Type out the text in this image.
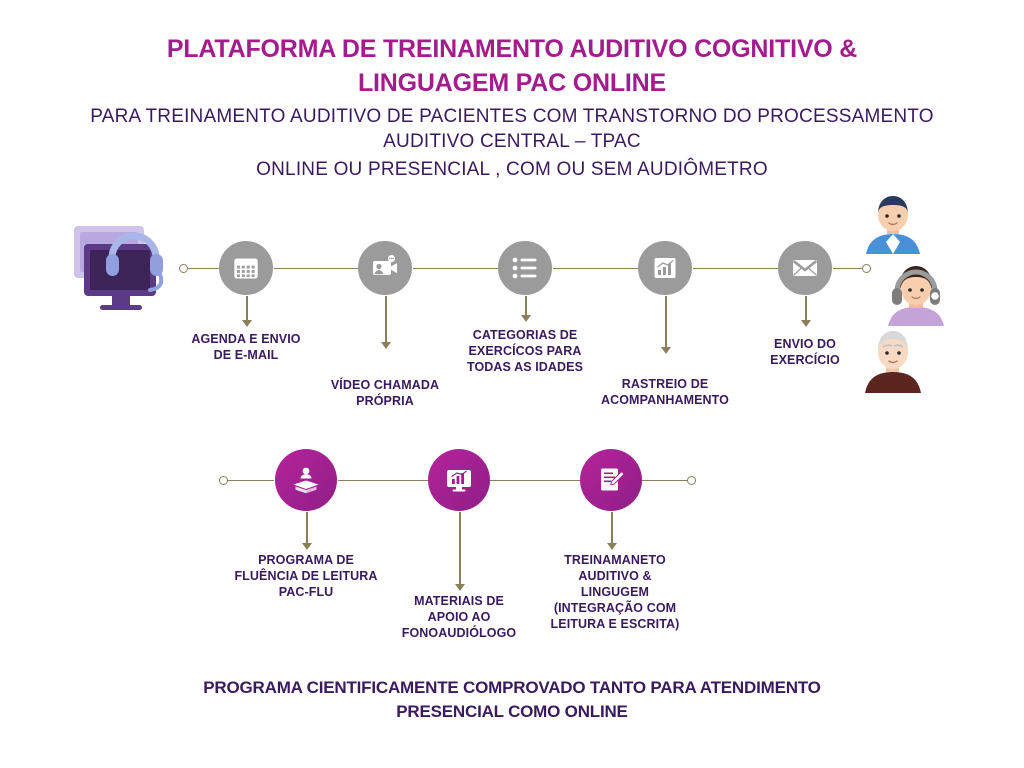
PLATAFORMA DE TREINAMENTO AUDITIVO COGNITIVO &
LINGUAGEM PAC ONLINE
PARA TREINAMENTO AUDITIVO DE PACIENTES COM TRANSTORNO DO PROCESSAMENTO
AUDITIVO CENTRAL – TPAC
ONLINE OU PRESENCIAL , COM OU SEM AUDIÔMETRO
AGENDA E ENVIO
DE E-MAIL
VÍDEO CHAMADA
PRÓPRIA
CATEGORIAS DE
EXERCÍCOS PARA
TODAS AS IDADES
RASTREIO DE
ACOMPANHAMENTO
ENVIO DO
EXERCÍCIO
PROGRAMA DE
FLUÊNCIA DE LEITURA
PAC-FLU
MATERIAIS DE
APOIO AO
FONOAUDIÓLOGO
TREINAMANETO
AUDITIVO &
LINGUGEM
(INTEGRAÇÃO COM LEITURA E ESCRITA)
PROGRAMA CIENTIFICAMENTE COMPROVADO TANTO PARA ATENDIMENTO
PRESENCIAL COMO ONLINE
